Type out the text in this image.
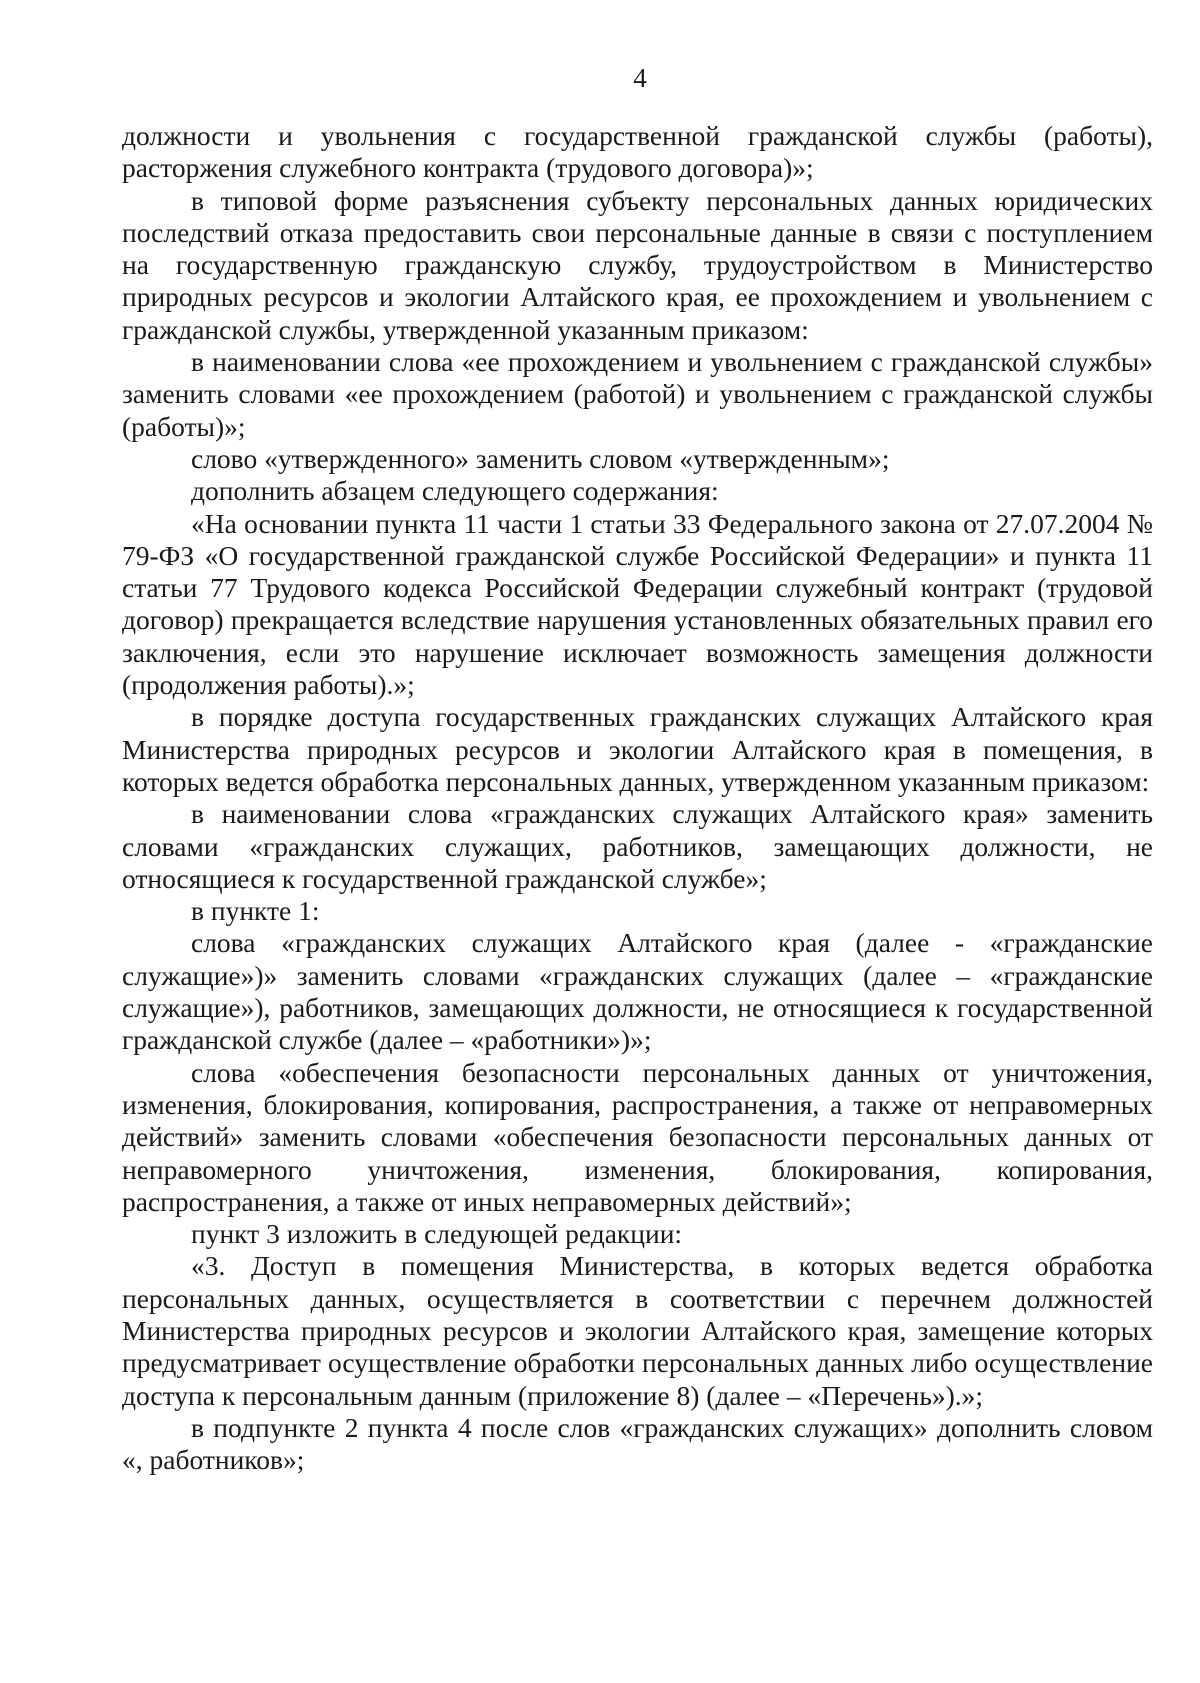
4

должности и увольнения с государственной гражданской службы (работы), расторжения служебного контракта (трудового договора)»;

в типовой форме разъяснения субъекту персональных данных юридических последствий отказа предоставить свои персональные данные в связи с поступлением на государственную гражданскую службу, трудоустройством в Министерство природных ресурсов и экологии Алтайского края, ее прохождением и увольнением с гражданской службы, утвержденной указанным приказом:

в наименовании слова «ее прохождением и увольнением с гражданской службы» заменить словами «ее прохождением (работой) и увольнением с гражданской службы (работы)»;

слово «утвержденного» заменить словом «утвержденным»;

дополнить абзацем следующего содержания:

«На основании пункта 11 части 1 статьи 33 Федерального закона от 27.07.2004 № 79-ФЗ «О государственной гражданской службе Российской Федерации» и пункта 11 статьи 77 Трудового кодекса Российской Федерации служебный контракт (трудовой договор) прекращается вследствие нарушения установленных обязательных правил его заключения, если это нарушение исключает возможность замещения должности (продолжения работы).»;

в порядке доступа государственных гражданских служащих Алтайского края Министерства природных ресурсов и экологии Алтайского края в помещения, в которых ведется обработка персональных данных, утвержденном указанным приказом:

в наименовании слова «гражданских служащих Алтайского края» заменить словами «гражданских служащих, работников, замещающих должности, не относящиеся к государственной гражданской службе»;

в пункте 1:

слова «гражданских служащих Алтайского края (далее - «гражданские служащие»)» заменить словами «гражданских служащих (далее – «гражданские служащие»), работников, замещающих должности, не относящиеся к государственной гражданской службе (далее – «работники»)»;

слова «обеспечения безопасности персональных данных от уничтожения, изменения, блокирования, копирования, распространения, а также от неправомерных действий» заменить словами «обеспечения безопасности персональных данных от неправомерного уничтожения, изменения, блокирования, копирования, распространения, а также от иных неправомерных действий»;

пункт 3 изложить в следующей редакции:

«3. Доступ в помещения Министерства, в которых ведется обработка персональных данных, осуществляется в соответствии с перечнем должностей Министерства природных ресурсов и экологии Алтайского края, замещение которых предусматривает осуществление обработки персональных данных либо осуществление доступа к персональным данным (приложение 8) (далее – «Перечень»).»;

в подпункте 2 пункта 4 после слов «гражданских служащих» дополнить словом «, работников»;
